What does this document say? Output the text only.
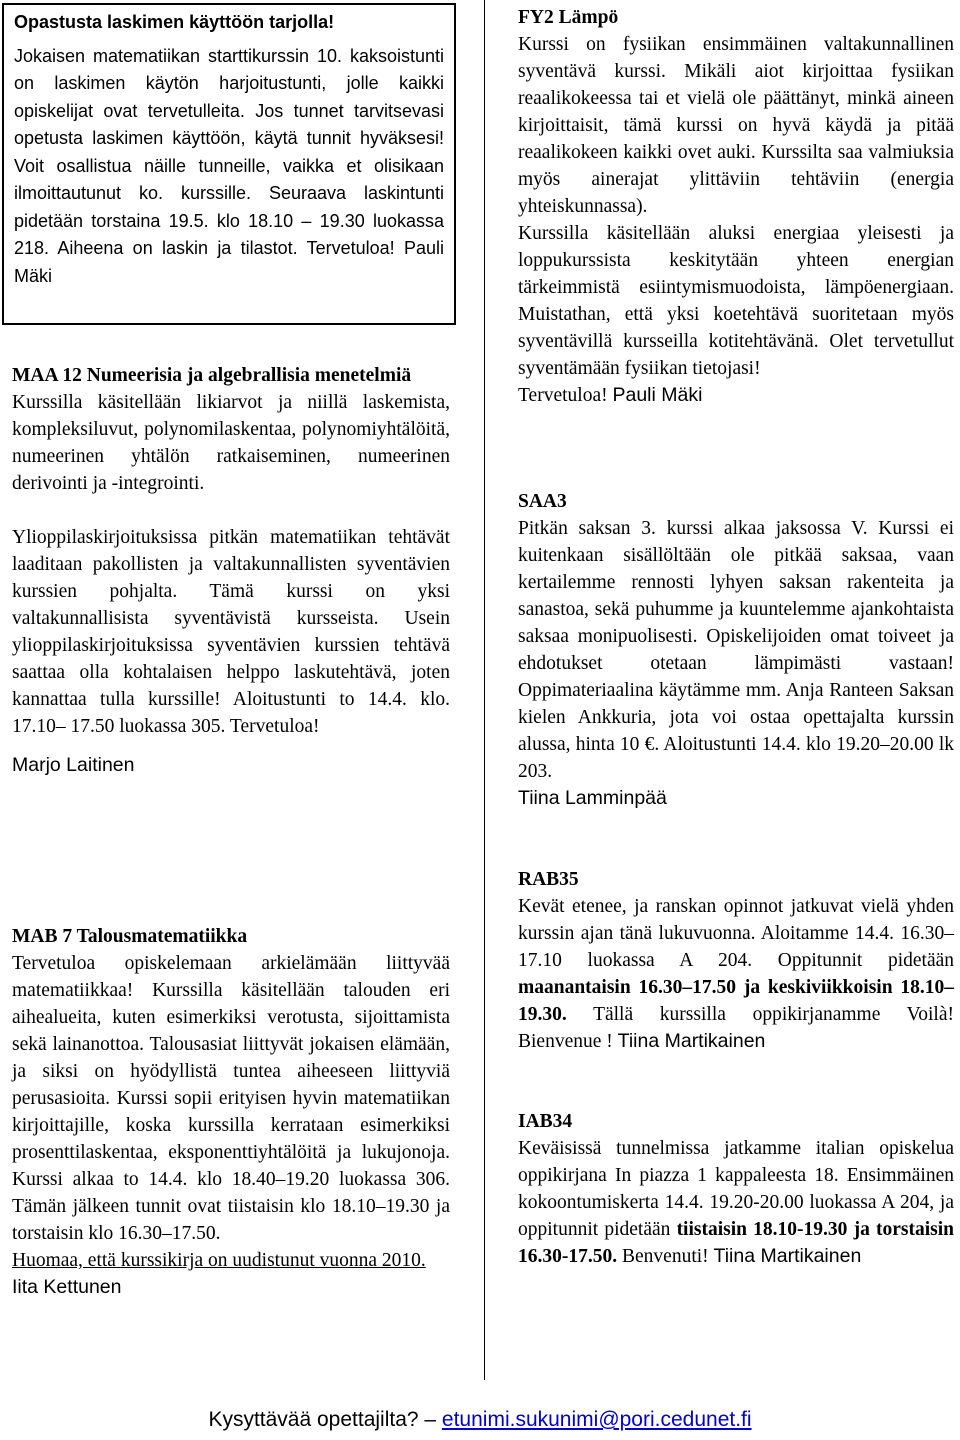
Opastusta laskimen käyttöön tarjolla!

Jokaisen matematiikan starttikurssin 10. kaksoistunti on laskimen käytön harjoitustunti, jolle kaikki opiskelijat ovat tervetulleita. Jos tunnet tarvitsevasi opetusta laskimen käyttöön, käytä tunnit hyväksesi! Voit osallistua näille tunneille, vaikka et olisikaan ilmoittautunut ko. kurssille. Seuraava laskintunti pidetään torstaina 19.5. klo 18.10 – 19.30 luokassa 218. Aiheena on laskin ja tilastot. Tervetuloa! Pauli Mäki

MAA 12 Numeerisia ja algebrallisia menetelmiä

Kurssilla käsitellään likiarvot ja niillä laskemista, kompleksiluvut, polynomilaskentaa, polynomiyhtälöitä, numeerinen yhtälön ratkaiseminen, numeerinen derivointi ja -integrointi.

Ylioppilaskirjoituksissa pitkän matematiikan tehtävät laaditaan pakollisten ja valtakunnallisten syventävien kurssien pohjalta. Tämä kurssi on yksi valtakunnallisista syventävistä kursseista. Usein ylioppilaskirjoituksissa syventävien kurssien tehtävä saattaa olla kohtalaisen helppo laskutehtävä, joten kannattaa tulla kurssille! Aloitustunti to 14.4. klo. 17.10– 17.50 luokassa 305. Tervetuloa!

Marjo Laitinen

MAB 7 Talousmatematiikka

Tervetuloa opiskelemaan arkielämään liittyvää matematiikkaa! Kurssilla käsitellään talouden eri aihealueita, kuten esimerkiksi verotusta, sijoittamista sekä lainanottoa. Talousasiat liittyvät jokaisen elämään, ja siksi on hyödyllistä tuntea aiheeseen liittyviä perusasioita. Kurssi sopii erityisen hyvin matematiikan kirjoittajille, koska kurssilla kerrataan esimerkiksi prosenttilaskentaa, eksponenttiyhtälöitä ja lukujonoja. Kurssi alkaa to 14.4. klo 18.40–19.20 luokassa 306. Tämän jälkeen tunnit ovat tiistaisin klo 18.10–19.30 ja torstaisin klo 16.30–17.50.

Huomaa, että kurssikirja on uudistunut vuonna 2010.

Iita Kettunen

FY2 Lämpö

Kurssi on fysiikan ensimmäinen valtakunnallinen syventävä kurssi. Mikäli aiot kirjoittaa fysiikan reaalikokeessa tai et vielä ole päättänyt, minkä aineen kirjoittaisit, tämä kurssi on hyvä käydä ja pitää reaalikokeen kaikki ovet auki. Kurssilta saa valmiuksia myös ainerajat ylittäviin tehtäviin (energia yhteiskunnassa).

Kurssilla käsitellään aluksi energiaa yleisesti ja loppukurssista keskitytään yhteen energian tärkeimmistä esiintymismuodoista, lämpöenergiaan. Muistathan, että yksi koetehtävä suoritetaan myös syventävillä kursseilla kotitehtävänä. Olet tervetullut syventämään fysiikan tietojasi!

Tervetuloa! Pauli Mäki

SAA3

Pitkän saksan 3. kurssi alkaa jaksossa V. Kurssi ei kuitenkaan sisällöltään ole pitkää saksaa, vaan kertailemme rennosti lyhyen saksan rakenteita ja sanastoa, sekä puhumme ja kuuntelemme ajankohtaista saksaa monipuolisesti. Opiskelijoiden omat toiveet ja ehdotukset otetaan lämpimästi vastaan! Oppimateriaalina käytämme mm. Anja Ranteen Saksan kielen Ankkuria, jota voi ostaa opettajalta kurssin alussa, hinta 10 €. Aloitustunti 14.4. klo 19.20–20.00 lk 203.

Tiina Lamminpää

RAB35

Kevät etenee, ja ranskan opinnot jatkuvat vielä yhden kurssin ajan tänä lukuvuonna. Aloitamme 14.4. 16.30–17.10 luokassa A 204. Oppitunnit pidetään maanantaisin 16.30–17.50 ja keskiviikkoisin 18.10–19.30. Tällä kurssilla oppikirjanamme Voilà! Bienvenue ! Tiina Martikainen

IAB34

Keväisissä tunnelmissa jatkamme italian opiskelua oppikirjana In piazza 1 kappaleesta 18. Ensimmäinen kokoontumiskerta 14.4. 19.20-20.00 luokassa A 204, ja oppitunnit pidetään tiistaisin 18.10-19.30 ja torstaisin 16.30-17.50. Benvenuti! Tiina Martikainen

Kysyttävää opettajilta? – etunimi.sukunimi@pori.cedunet.fi
